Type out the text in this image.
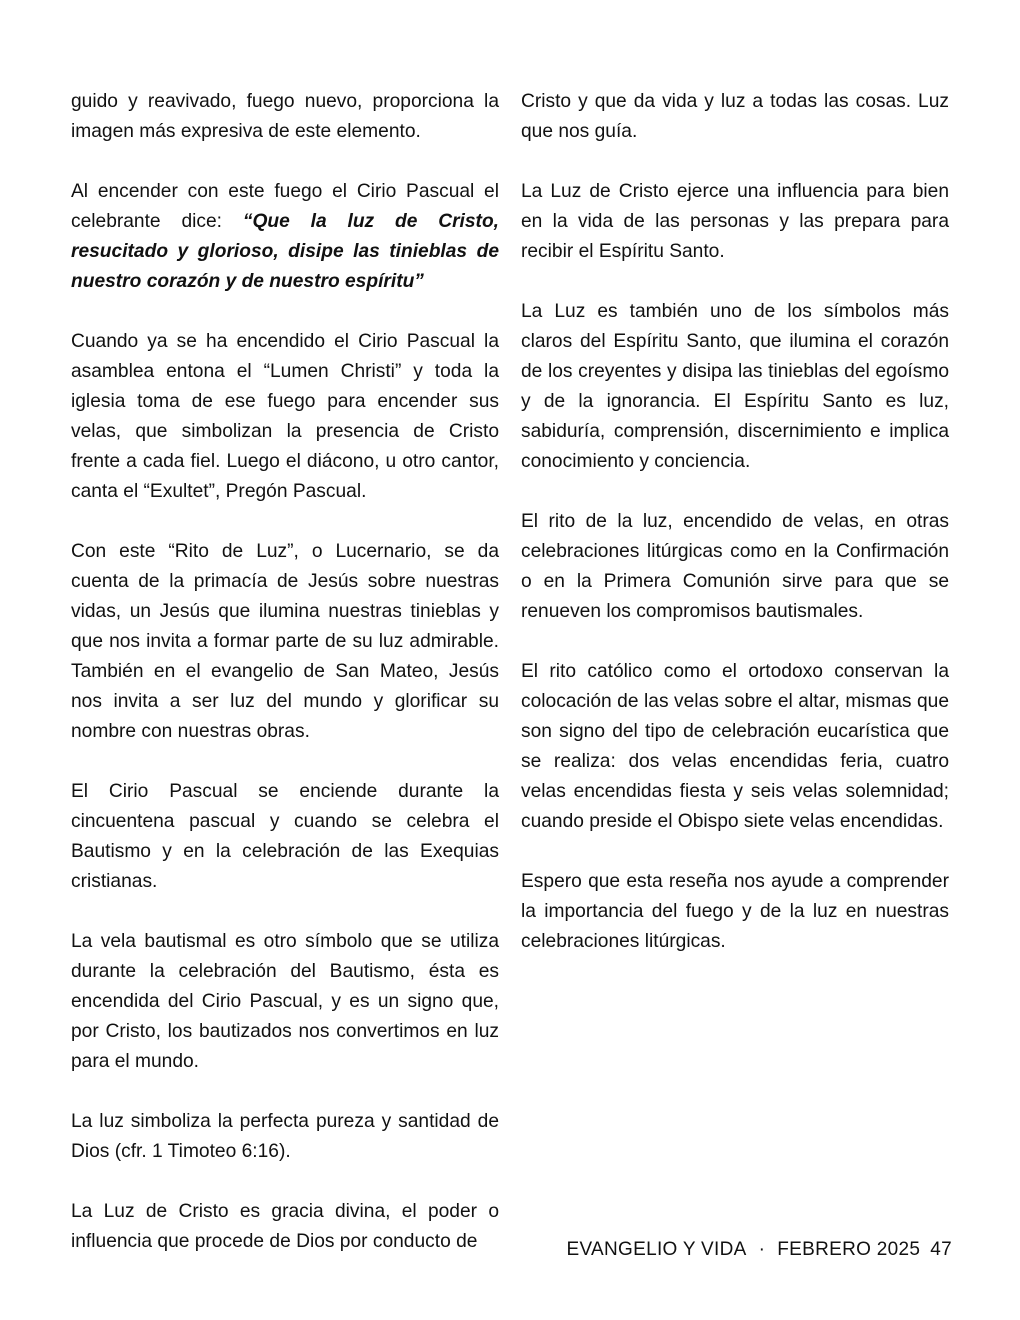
guido y reavivado, fuego nuevo, proporciona la imagen más expresiva de este elemento.

Al encender con este fuego el Cirio Pascual el celebrante dice: “Que la luz de Cristo, resucitado y glorioso, disipe las tinieblas de nuestro corazón y de nuestro espíritu”

Cuando ya se ha encendido el Cirio Pascual la asamblea entona el “Lumen Christi” y toda la iglesia toma de ese fuego para encender sus velas, que simbolizan la presencia de Cristo frente a cada fiel. Luego el diácono, u otro cantor, canta el “Exultet”, Pregón Pascual.

Con este “Rito de Luz”, o Lucernario, se da cuenta de la primacía de Jesús sobre nuestras vidas, un Jesús que ilumina nuestras tinieblas y que nos invita a formar parte de su luz admirable. También en el evangelio de San Mateo, Jesús nos invita a ser luz del mundo y glorificar su nombre con nuestras obras.

El Cirio Pascual se enciende durante la cincuentena pascual y cuando se celebra el Bautismo y en la celebración de las Exequias cristianas.

La vela bautismal es otro símbolo que se utiliza durante la celebración del Bautismo, ésta es encendida del Cirio Pascual, y es un signo que, por Cristo, los bautizados nos convertimos en luz para el mundo.

La luz simboliza la perfecta pureza y santidad de Dios (cfr. 1 Timoteo 6:16).

La Luz de Cristo es gracia divina, el poder o influencia que procede de Dios por conducto de

Cristo y que da vida y luz a todas las cosas. Luz que nos guía.

La Luz de Cristo ejerce una influencia para bien en la vida de las personas y las prepara para recibir el Espíritu Santo.

La Luz es también uno de los símbolos más claros del Espíritu Santo, que ilumina el corazón de los creyentes y disipa las tinieblas del egoísmo y de la ignorancia. El Espíritu Santo es luz, sabiduría, comprensión, discernimiento e implica conocimiento y conciencia.

El rito de la luz, encendido de velas, en otras celebraciones litúrgicas como en la Confirmación o en la Primera Comunión sirve para que se renueven los compromisos bautismales.

El rito católico como el ortodoxo conservan la colocación de las velas sobre el altar, mismas que son signo del tipo de celebración eucarística que se realiza: dos velas encendidas feria, cuatro velas encendidas fiesta y seis velas solemnidad; cuando preside el Obispo siete velas encendidas.

Espero que esta reseña nos ayude a comprender la importancia del fuego y de la luz en nuestras celebraciones litúrgicas.

EVANGELIO Y VIDA · FEBRERO 2025 47
